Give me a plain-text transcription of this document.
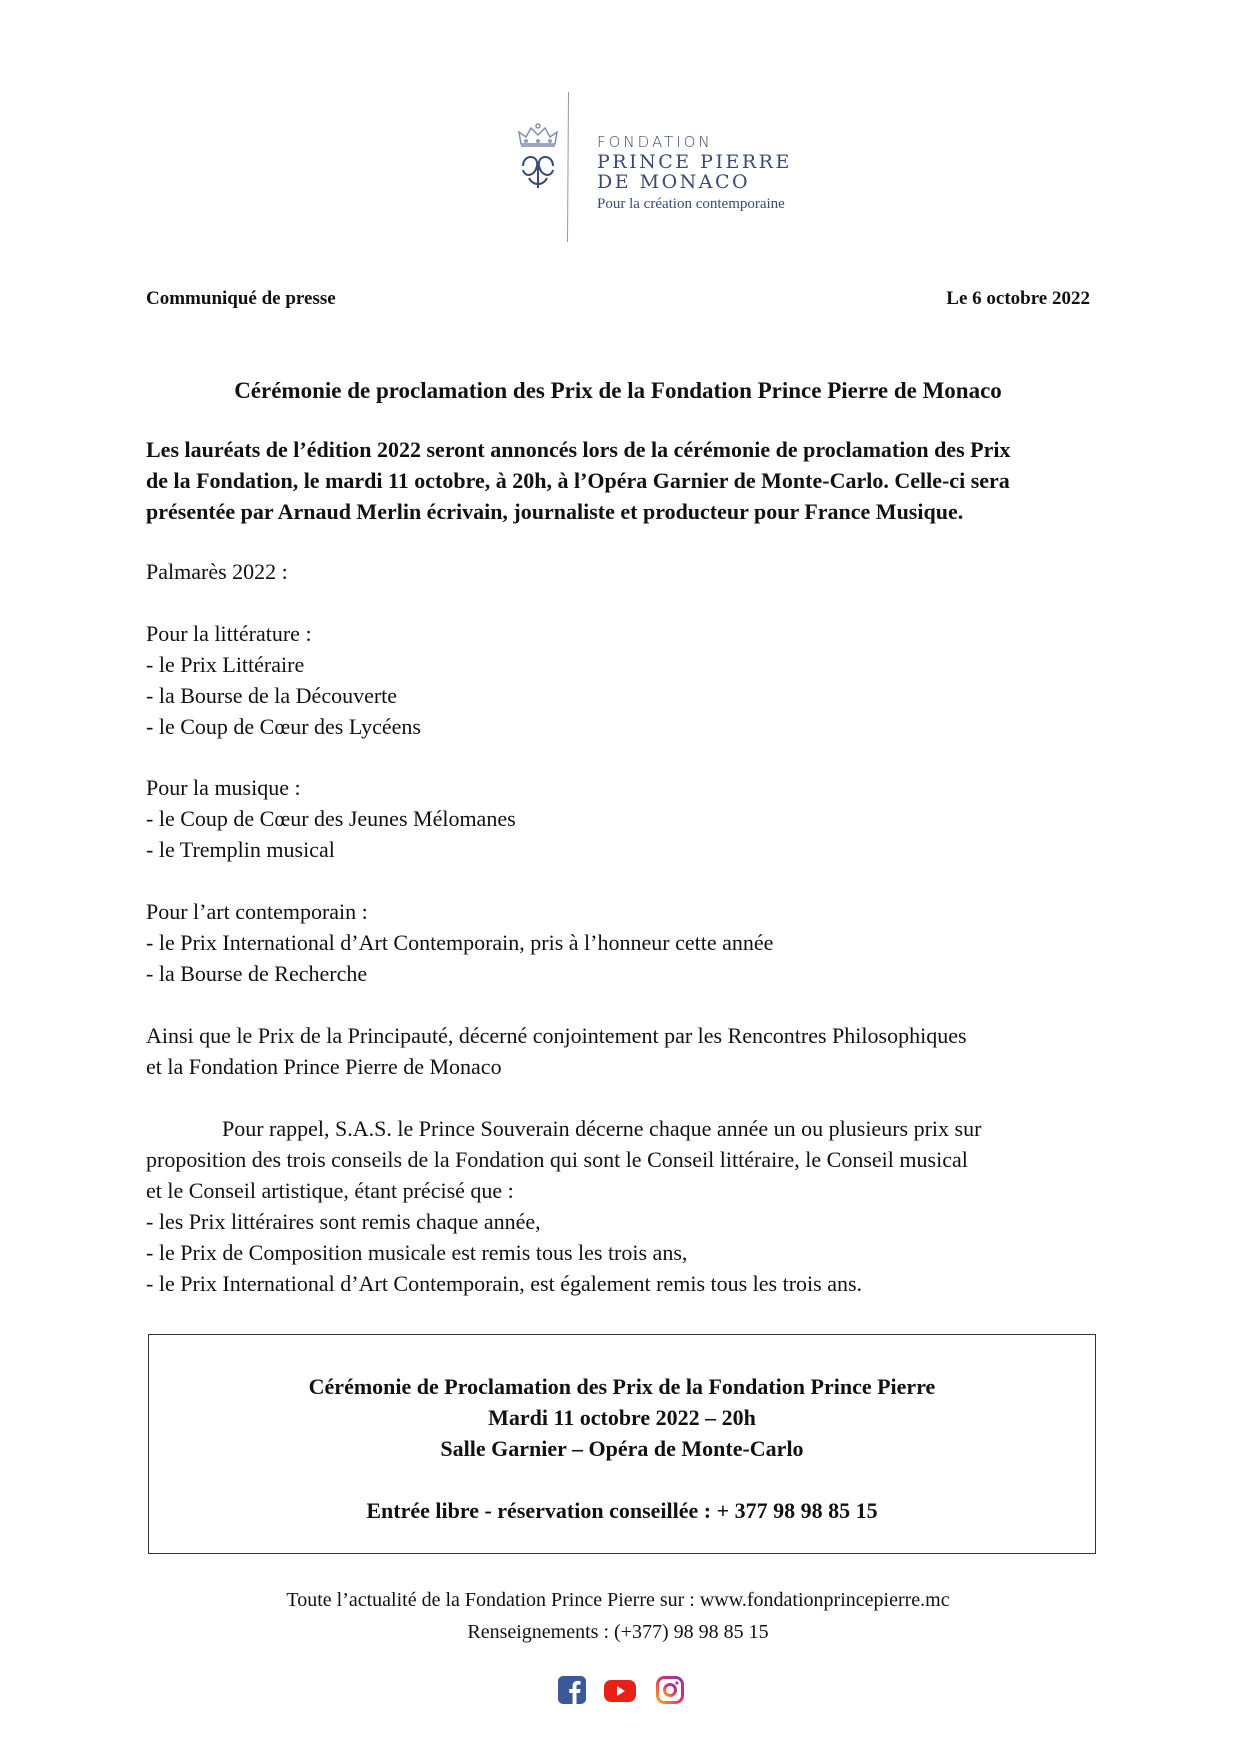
FONDATION
PRINCE PIERRE
DE MONACO
Pour la création contemporaine
Communiqué de presse	Le 6 octobre 2022
Cérémonie de proclamation des Prix de la Fondation Prince Pierre de Monaco
Les lauréats de l’édition 2022 seront annoncés lors de la cérémonie de proclamation des Prix
de la Fondation, le mardi 11 octobre, à 20h, à l’Opéra Garnier de Monte-Carlo. Celle-ci sera
présentée par Arnaud Merlin écrivain, journaliste et producteur pour France Musique.
Palmarès 2022 :

Pour la littérature :

- le Prix Littéraire

- la Bourse de la Découverte

- le Coup de Cœur des Lycéens

Pour la musique :

- le Coup de Cœur des Jeunes Mélomanes

- le Tremplin musical

Pour l’art contemporain :

- le Prix International d’Art Contemporain, pris à l’honneur cette année

- la Bourse de Recherche

Ainsi que le Prix de la Principauté, décerné conjointement par les Rencontres Philosophiques

et la Fondation Prince Pierre de Monaco

Pour rappel, S.A.S. le Prince Souverain décerne chaque année un ou plusieurs prix sur

proposition des trois conseils de la Fondation qui sont le Conseil littéraire, le Conseil musical

et le Conseil artistique, étant précisé que :

- les Prix littéraires sont remis chaque année,

- le Prix de Composition musicale est remis tous les trois ans,

- le Prix International d’Art Contemporain, est également remis tous les trois ans.

Cérémonie de Proclamation des Prix de la Fondation Prince Pierre
Mardi 11 octobre 2022 – 20h
Salle Garnier – Opéra de Monte-Carlo
Entrée libre - réservation conseillée : + 377 98 98 85 15
Toute l’actualité de la Fondation Prince Pierre sur : www.fondationprincepierre.mc
Renseignements : (+377) 98 98 85 15
